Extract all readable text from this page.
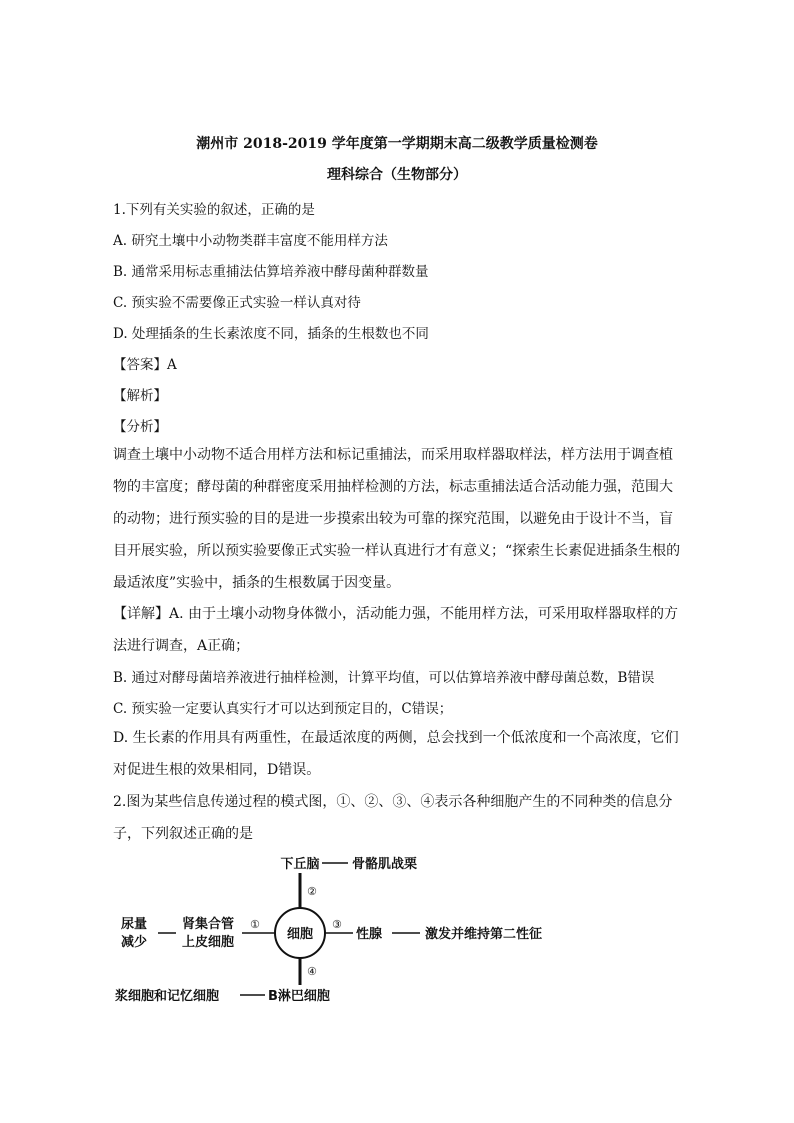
潮州市 2018-2019 学年度第一学期期末高二级教学质量检测卷
理科综合（生物部分）
1.下列有关实验的叙述，正确的是
A. 研究土壤中小动物类群丰富度不能用样方法
B. 通常采用标志重捕法估算培养液中酵母菌种群数量
C. 预实验不需要像正式实验一样认真对待
D. 处理插条的生长素浓度不同，插条的生根数也不同
【答案】A
【解析】
【分析】
调查土壤中小动物不适合用样方法和标记重捕法，而采用取样器取样法，样方法用于调查植物的丰富度；酵母菌的种群密度采用抽样检测的方法，标志重捕法适合活动能力强，范围大的动物；进行预实验的目的是进一步摸索出较为可靠的探究范围，以避免由于设计不当，盲目开展实验，所以预实验要像正式实验一样认真进行才有意义；“探索生长素促进插条生根的最适浓度”实验中，插条的生根数属于因变量。
【详解】A. 由于土壤小动物身体微小，活动能力强，不能用样方法，可采用取样器取样的方法进行调查，A正确；
B. 通过对酵母菌培养液进行抽样检测，计算平均值，可以估算培养液中酵母菌总数，B错误
C. 预实验一定要认真实行才可以达到预定目的，C错误；
D. 生长素的作用具有两重性，在最适浓度的两侧，总会找到一个低浓度和一个高浓度，它们对促进生根的效果相同，D错误。
2.图为某些信息传递过程的模式图，①、②、③、④表示各种细胞产生的不同种类的信息分子，下列叙述正确的是
细胞
②
下丘脑 骨骼肌战栗
①
肾集合管
上皮细胞
尿量
减少
③
性腺	激发并维持第二性征
④
B淋巴细胞
浆细胞和记忆细胞
